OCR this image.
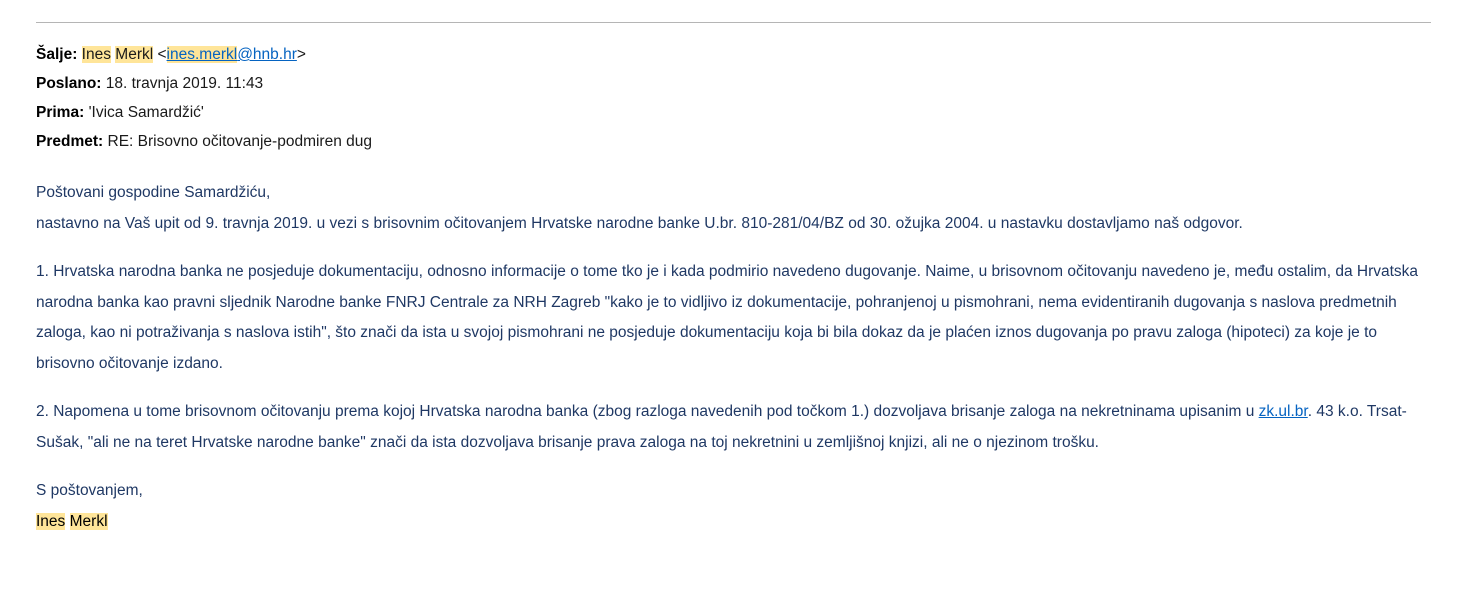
Šalje: Ines Merkl <ines.merkl@hnb.hr>
Poslano: 18. travnja 2019. 11:43
Prima: 'Ivica Samardžić'
Predmet: RE: Brisovno očitovanje-podmiren dug

Poštovani gospodine Samardžiću,

nastavno na Vaš upit od 9. travnja 2019. u vezi s brisovnim očitovanjem Hrvatske narodne banke U.br. 810-281/04/BZ od 30. ožujka 2004. u nastavku dostavljamo naš odgovor.

1. Hrvatska narodna banka ne posjeduje dokumentaciju, odnosno informacije o tome tko je i kada podmirio navedeno dugovanje. Naime, u brisovnom očitovanju navedeno je, među ostalim, da Hrvatska narodna banka kao pravni sljednik Narodne banke FNRJ Centrale za NRH Zagreb "kako je to vidljivo iz dokumentacije, pohranjenoj u pismohrani, nema evidentiranih dugovanja s naslova predmetnih zaloga, kao ni potraživanja s naslova istih", što znači da ista u svojoj pismohrani ne posjeduje dokumentaciju koja bi bila dokaz da je plaćen iznos dugovanja po pravu zaloga (hipoteci) za koje je to brisovno očitovanje izdano.

2. Napomena u tome brisovnom očitovanju prema kojoj Hrvatska narodna banka (zbog razloga navedenih pod točkom 1.) dozvoljava brisanje zaloga na nekretninama upisanim u zk.ul.br. 43 k.o. Trsat-Sušak, "ali ne na teret Hrvatske narodne banke" znači da ista dozvoljava brisanje prava zaloga na toj nekretnini u zemljišnoj knjizi, ali ne o njezinom trošku.

S poštovanjem,

Ines Merkl
